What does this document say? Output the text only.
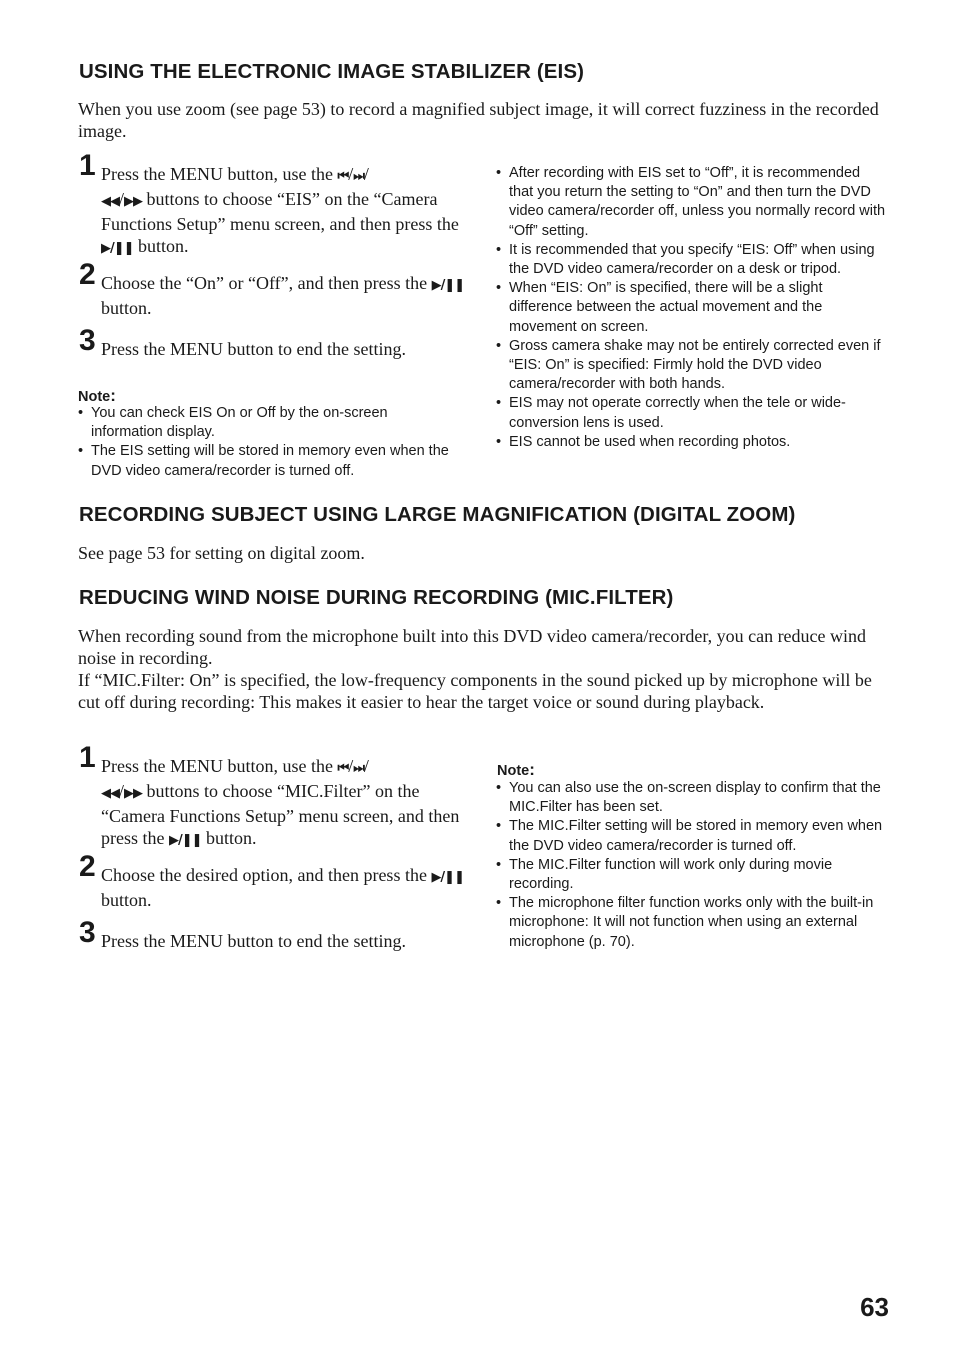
USING THE ELECTRONIC IMAGE STABILIZER (EIS)

When you use zoom (see page 53) to record a magnified subject image, it will correct fuzziness in the recorded image.

1 Press the MENU button, use the ⏮/⏭/
◀◀/▶▶ buttons to choose “EIS” on the “Camera Functions Setup” menu screen, and then press the ▶/❚❚ button.
2 Choose the “On” or “Off”, and then press the ▶/❚❚ button.
3 Press the MENU button to end the setting.
Note:
• You can check EIS On or Off by the on-screen information display.
• The EIS setting will be stored in memory even when the DVD video camera/recorder is turned off.
• After recording with EIS set to “Off”, it is recommended that you return the setting to “On” and then turn the DVD video camera/recorder off, unless you normally record with “Off” setting.
• It is recommended that you specify “EIS: Off” when using the DVD video camera/recorder on a desk or tripod.
• When “EIS: On” is specified, there will be a slight difference between the actual movement and the movement on screen.
• Gross camera shake may not be entirely corrected even if “EIS: On” is specified: Firmly hold the DVD video camera/recorder with both hands.
• EIS may not operate correctly when the tele or wide-conversion lens is used.
• EIS cannot be used when recording photos.
RECORDING SUBJECT USING LARGE MAGNIFICATION (DIGITAL ZOOM)

See page 53 for setting on digital zoom.

REDUCING WIND NOISE DURING RECORDING (MIC.FILTER)

When recording sound from the microphone built into this DVD video camera/recorder, you can reduce wind noise in recording.

If “MIC.Filter: On” is specified, the low-frequency components in the sound picked up by microphone will be cut off during recording: This makes it easier to hear the target voice or sound during playback.

1 Press the MENU button, use the ⏮/⏭/
◀◀/▶▶ buttons to choose “MIC.Filter” on the “Camera Functions Setup” menu screen, and then press the ▶/❚❚ button.
2 Choose the desired option, and then press the ▶/❚❚ button.
3 Press the MENU button to end the setting.
Note:
• You can also use the on-screen display to confirm that the MIC.Filter has been set.
• The MIC.Filter setting will be stored in memory even when the DVD video camera/recorder is turned off.
• The MIC.Filter function will work only during movie recording.
• The microphone filter function works only with the built-in microphone: It will not function when using an external microphone (p. 70).
63
